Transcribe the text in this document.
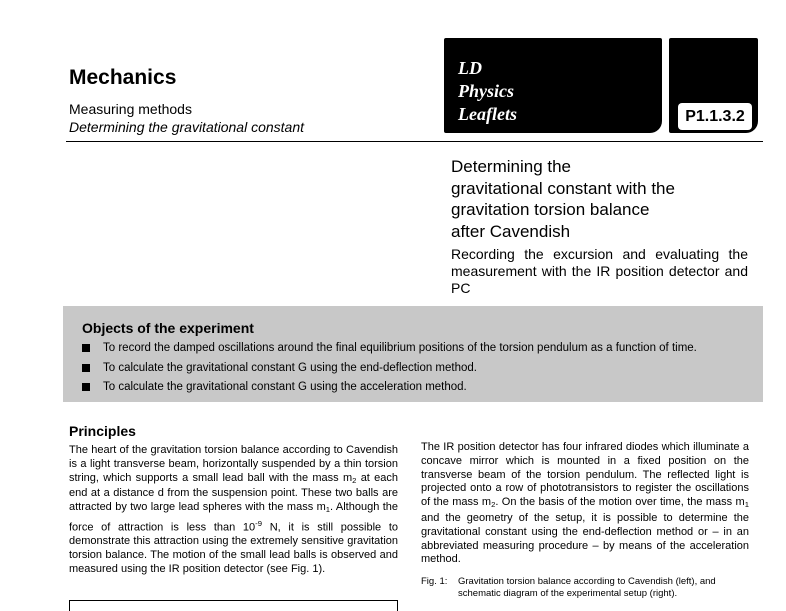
Mechanics
Measuring methods
Determining the gravitational constant
LD
Physics
Leaflets	P1.1.3.2
Determining the
gravitational constant with the
gravitation torsion balance
after Cavendish
Recording the excursion and evaluating the measurement with the IR position detector and PC
Objects of the experiment
To record the damped oscillations around the final equilibrium positions of the torsion pendulum as a function of time.
To calculate the gravitational constant G using the end-deflection method.
To calculate the gravitational constant G using the acceleration method.
Principles
The heart of the gravitation torsion balance according to Cavendish is a light transverse beam, horizontally suspended by a thin torsion string, which supports a small lead ball with the mass $m_2$ at each end at a distance d from the suspension point. These two balls are attracted by two large lead spheres with the mass $m_1$. Although the force of attraction is less than $10^{-9}$ N, it is still possible to demonstrate this attraction using the extremely sensitive gravitation torsion balance. The motion of the small lead balls is observed and measured using the IR position detector (see Fig. 1).
The IR position detector has four infrared diodes which illuminate a concave mirror which is mounted in a fixed position on the transverse beam of the torsion pendulum. The reflected light is projected onto a row of phototransistors to register the oscillations of the mass $m_2$. On the basis of the motion over time, the mass $m_1$ and the geometry of the setup, it is possible to determine the gravitational constant using the end-deflection method or – in an abbreviated measuring procedure – by means of the acceleration method.
Fig. 1:	Gravitation torsion balance according to Cavendish (left), and schematic diagram of the experimental setup (right).
